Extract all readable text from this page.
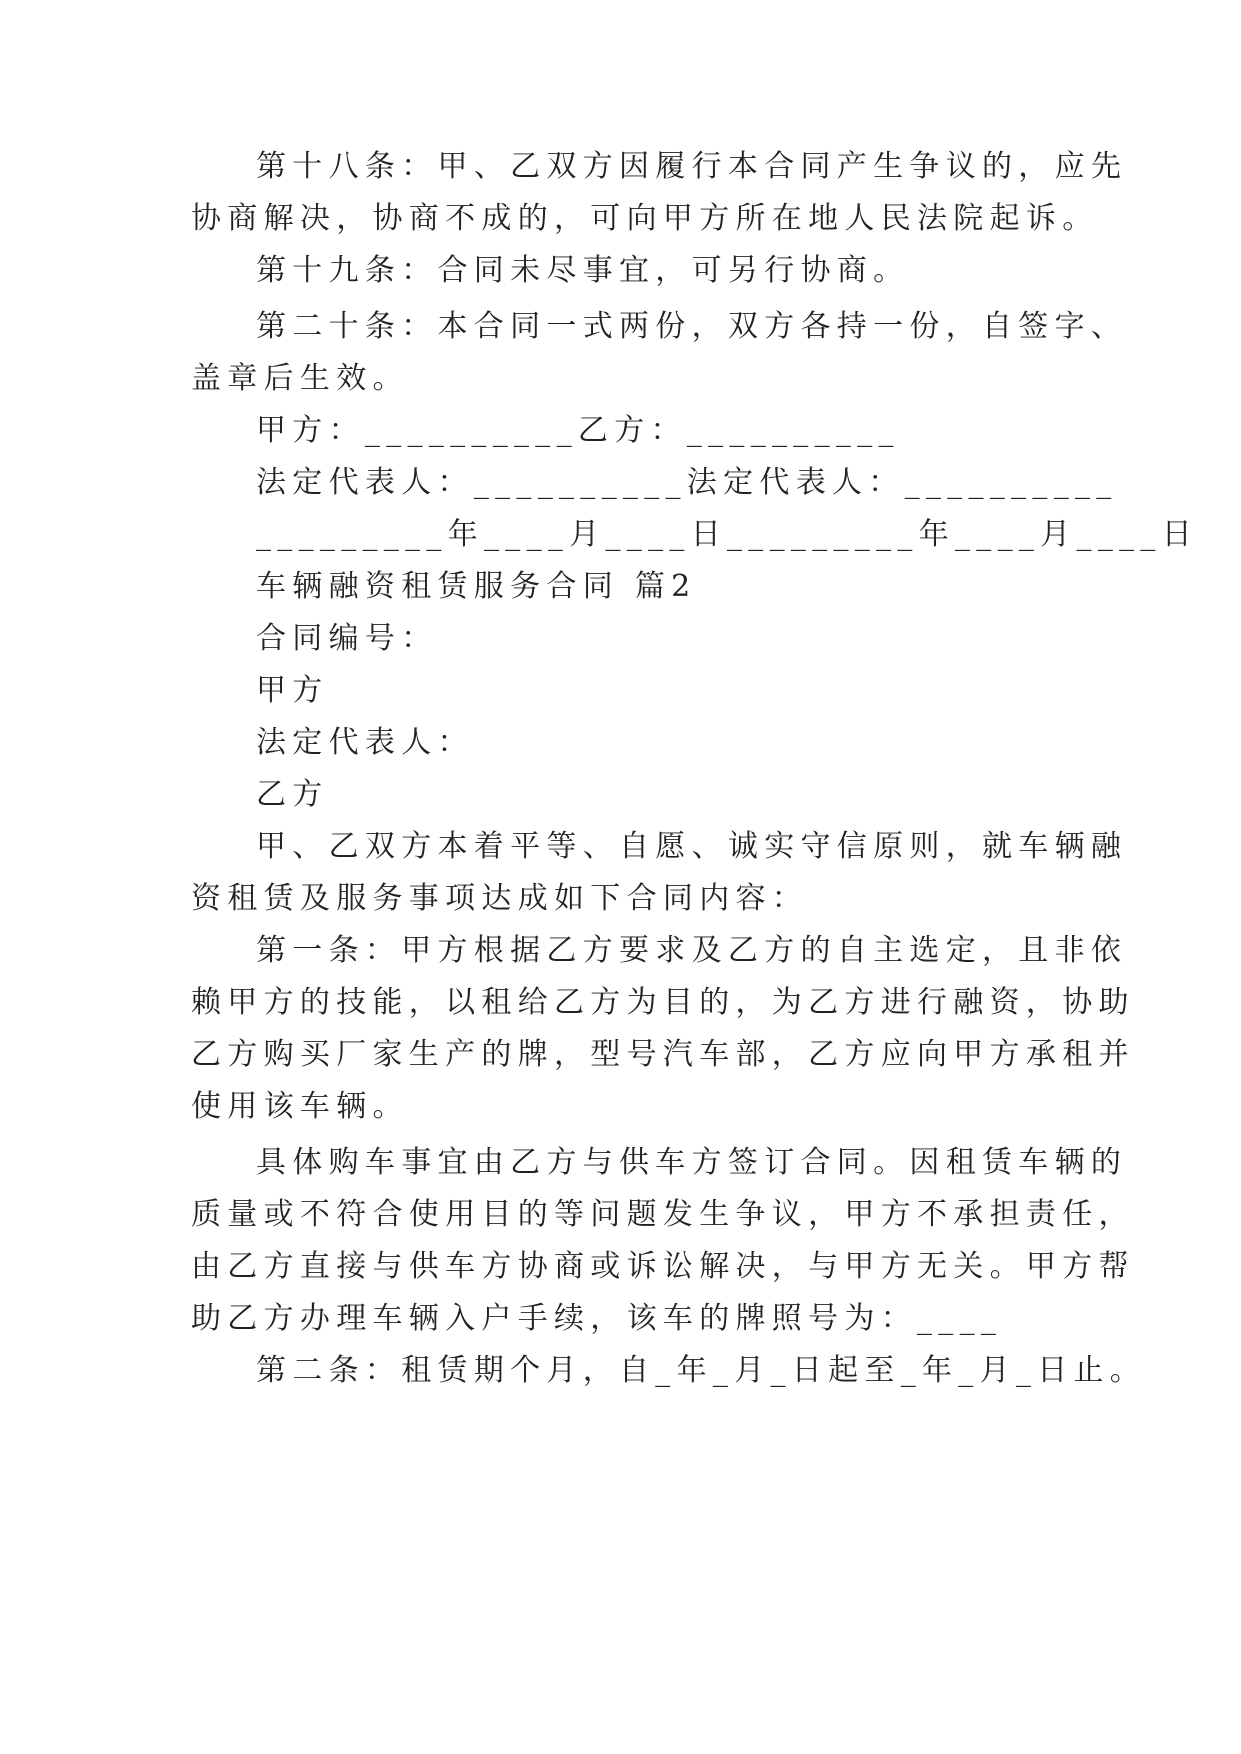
第十八条：甲、乙双方因履行本合同产生争议的，应先
协商解决，协商不成的，可向甲方所在地人民法院起诉。
第十九条：合同未尽事宜，可另行协商。
第二十条：本合同一式两份，双方各持一份，自签字、
盖章后生效。
甲方：__________乙方：__________
法定代表人：__________法定代表人：__________
_________年____月____日_________年____月____日
车辆融资租赁服务合同 篇2
合同编号：
甲方
法定代表人：
乙方
甲、乙双方本着平等、自愿、诚实守信原则，就车辆融
资租赁及服务事项达成如下合同内容：
第一条：甲方根据乙方要求及乙方的自主选定，且非依
赖甲方的技能，以租给乙方为目的，为乙方进行融资，协助
乙方购买厂家生产的牌，型号汽车部，乙方应向甲方承租并
使用该车辆。
具体购车事宜由乙方与供车方签订合同。因租赁车辆的
质量或不符合使用目的等问题发生争议，甲方不承担责任，
由乙方直接与供车方协商或诉讼解决，与甲方无关。甲方帮
助乙方办理车辆入户手续，该车的牌照号为：____
第二条：租赁期个月，自_年_月_日起至_年_月_日止。
